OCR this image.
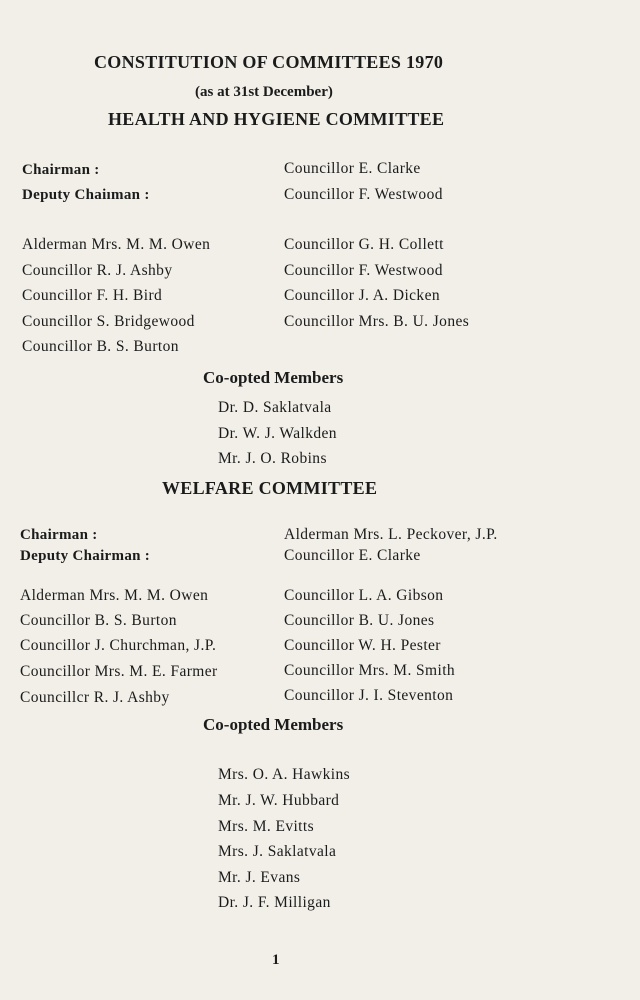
CONSTITUTION OF COMMITTEES 1970
(as at 31st December)
HEALTH AND HYGIENE COMMITTEE
Chairman :	Councillor E. Clarke
Deputy Chaiıman :	Councillor F. Westwood
Alderman Mrs. M. M. Owen
Councillor R. J. Ashby
Councillor F. H. Bird
Councillor S. Bridgewood
Councillor B. S. Burton
Councillor G. H. Collett
Councillor F. Westwood
Councillor J. A. Dicken
Councillor Mrs. B. U. Jones
Co-opted Members
Dr. D. Saklatvala
Dr. W. J. Walkden
Mr. J. O. Robins
WELFARE COMMITTEE
Chairman :	Alderman Mrs. L. Peckover, J.P.
Deputy Chairman :	Councillor E. Clarke
Alderman Mrs. M. M. Owen
Councillor B. S. Burton
Councillor J. Churchman, J.P.
Councillor Mrs. M. E. Farmer
Councillcr R. J. Ashby
Councillor L. A. Gibson
Councillor B. U. Jones
Councillor W. H. Pester
Councillor Mrs. M. Smith
Councillor J. I. Steventon
Co-opted Members
Mrs. O. A. Hawkins
Mr. J. W. Hubbard
Mrs. M. Evitts
Mrs. J. Saklatvala
Mr. J. Evans
Dr. J. F. Milligan
1
